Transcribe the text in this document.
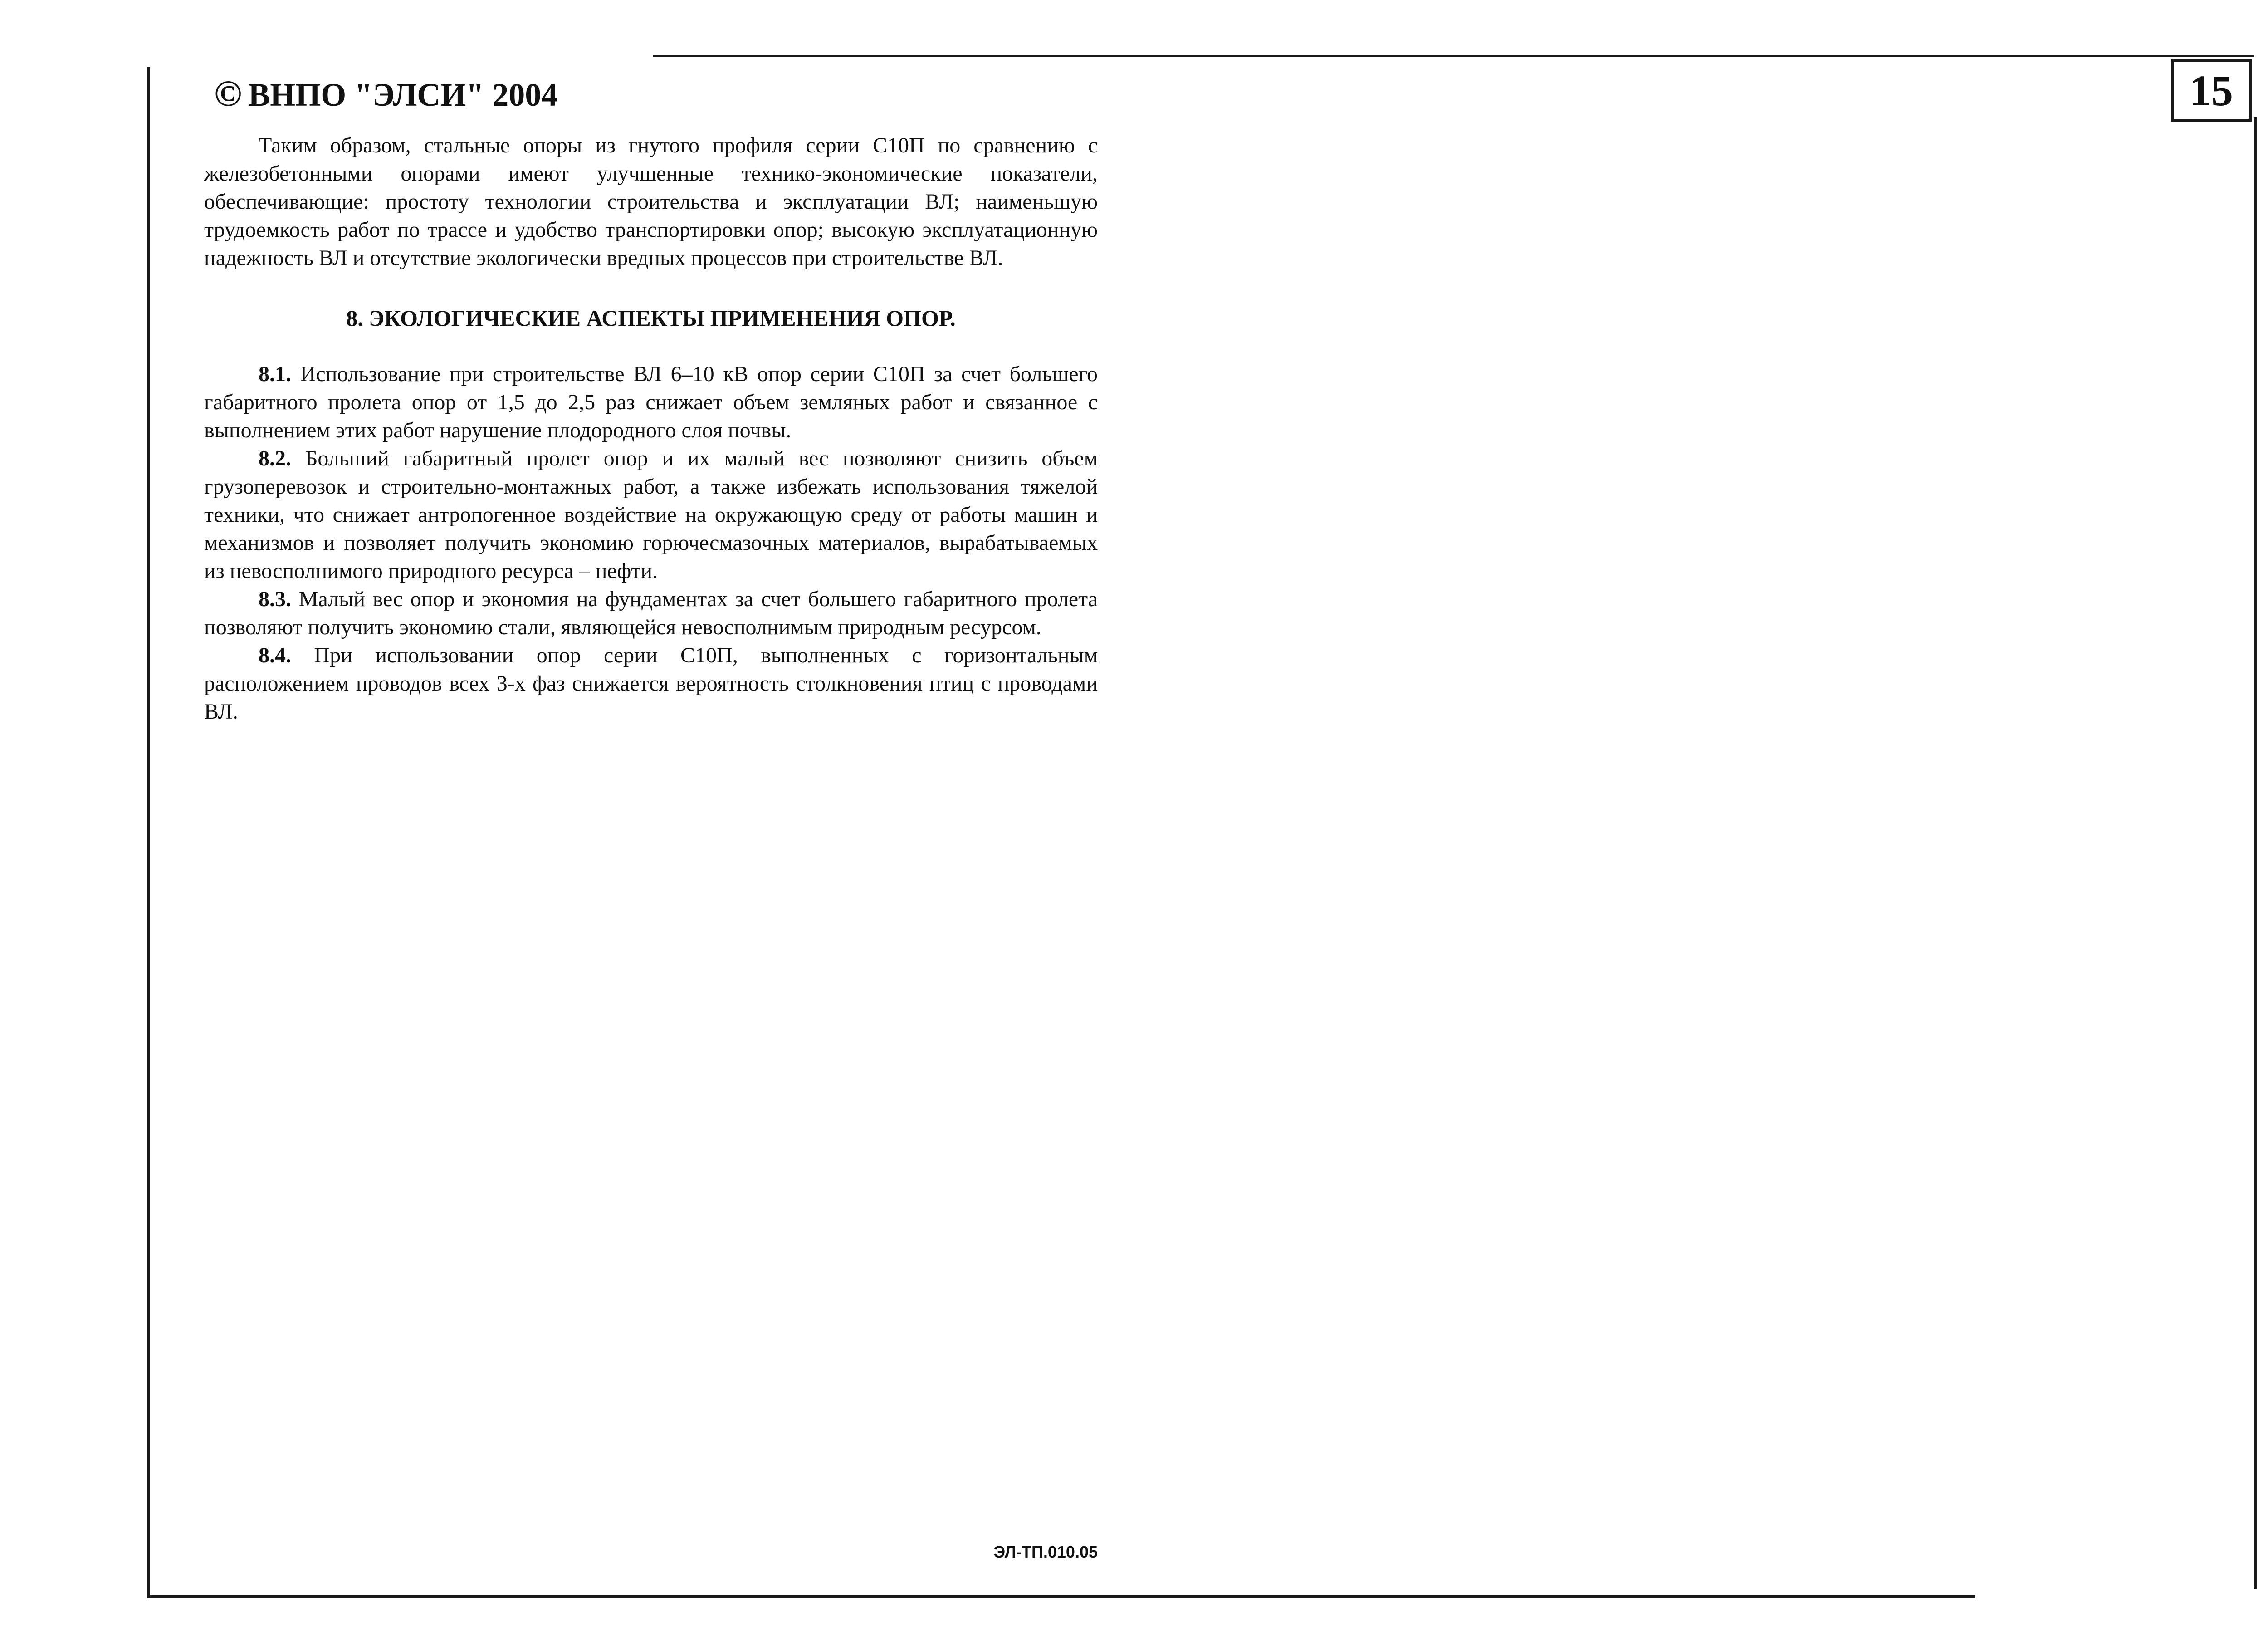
15
© ВНПО "ЭЛСИ" 2004

Таким образом, стальные опоры из гнутого профиля серии С10П по сравнению с железобетонными опорами имеют улучшенные технико-экономические показатели, обеспечивающие: простоту технологии строительства и эксплуатации ВЛ; наименьшую трудоемкость работ по трассе и удобство транспортировки опор; высокую эксплуатационную надежность ВЛ и отсутствие экологически вредных процессов при строительстве ВЛ.

8. ЭКОЛОГИЧЕСКИЕ АСПЕКТЫ ПРИМЕНЕНИЯ ОПОР.

8.1. Использование при строительстве ВЛ 6–10 кВ опор серии С10П за счет большего габаритного пролета опор от 1,5 до 2,5 раз снижает объем земляных работ и связанное с выполнением этих работ нарушение плодородного слоя почвы.

8.2. Больший габаритный пролет опор и их малый вес позволяют снизить объем грузоперевозок и строительно-монтажных работ, а также избежать использования тяжелой техники, что снижает антропогенное воздействие на окружающую среду от работы машин и механизмов и позволяет получить экономию горючесмазочных материалов, вырабатываемых из невосполнимого природного ресурса – нефти.

8.3. Малый вес опор и экономия на фундаментах за счет большего габаритного пролета позволяют получить экономию стали, являющейся невосполнимым природным ресурсом.

8.4. При использовании опор серии С10П, выполненных с горизонтальным расположением проводов всех 3-х фаз снижается вероятность столкновения птиц с проводами ВЛ.

ЭЛ-ТП.010.05
